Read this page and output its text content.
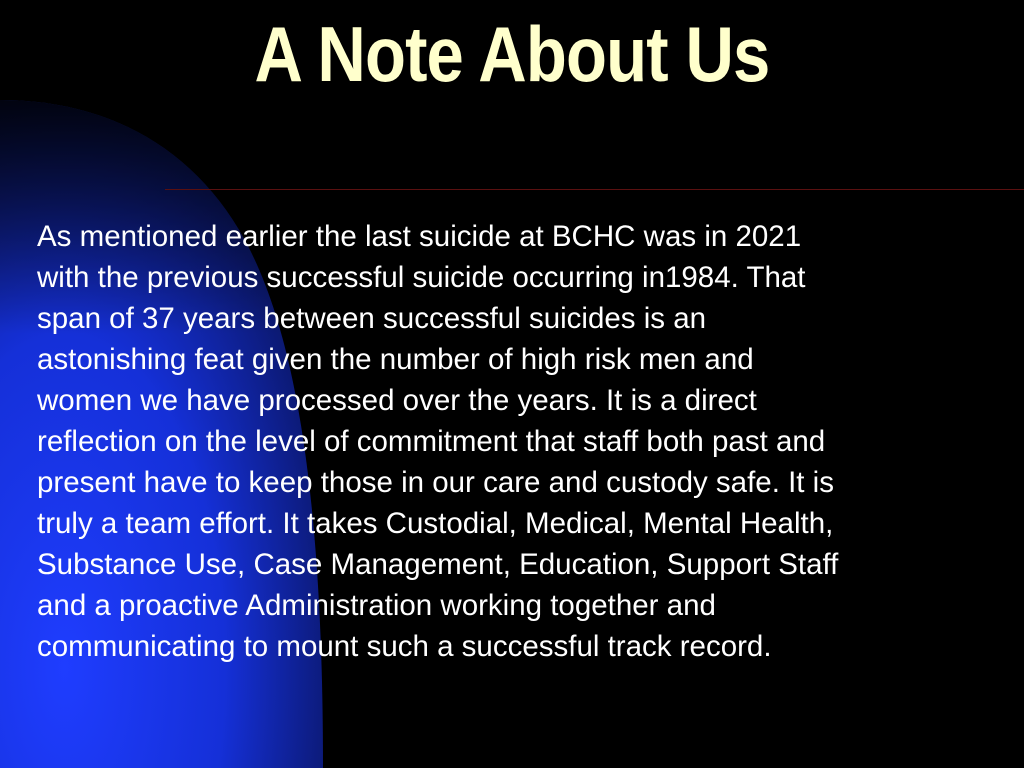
A Note About Us

As mentioned earlier the last suicide at BCHC was in 2021
with the previous successful suicide occurring in1984. That
span of 37 years between successful suicides is an
astonishing feat given the number of high risk men and
women we have processed over the years. It is a direct
reflection on the level of commitment that staff both past and
present have to keep those in our care and custody safe. It is
truly a team effort. It takes Custodial, Medical, Mental Health,
Substance Use, Case Management, Education, Support Staff
and a proactive Administration working together and
communicating to mount such a successful track record.
